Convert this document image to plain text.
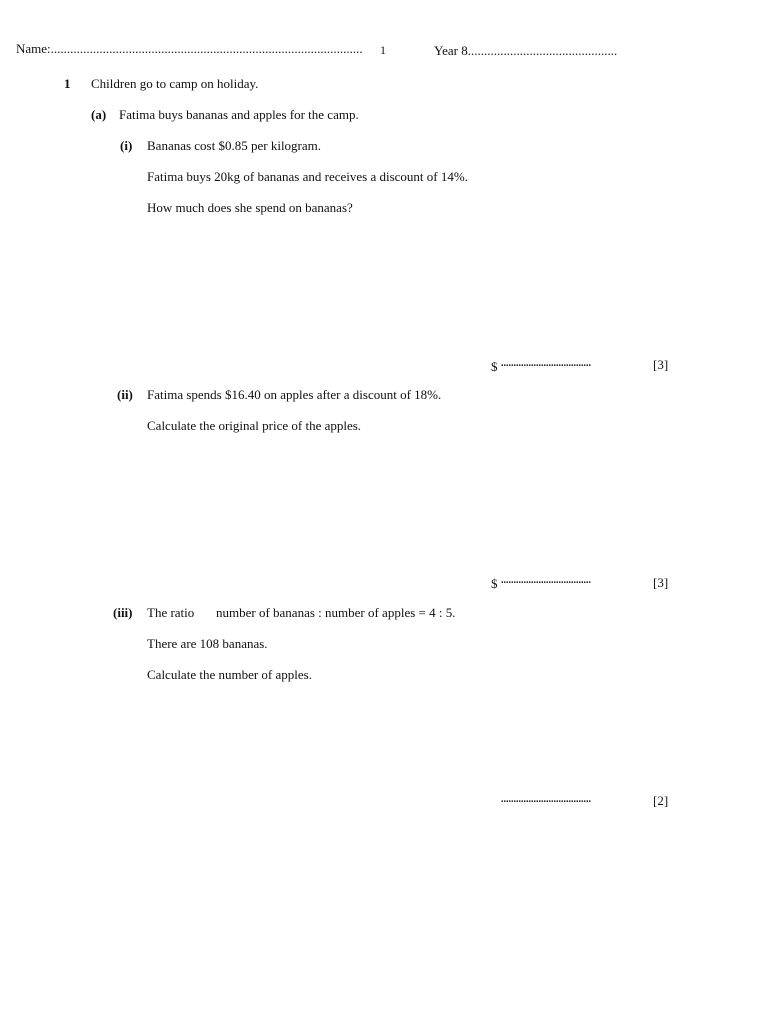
Name:................................................................................................ 1	Year 8..............................................
1 Children go to camp on holiday.
(a) Fatima buys bananas and apples for the camp.
(i) Bananas cost $0.85 per kilogram.
Fatima buys 20kg of bananas and receives a discount of 14%.
How much does she spend on bananas?
$ ....................................	[3]
(ii) Fatima spends $16.40 on apples after a discount of 18%.
Calculate the original price of the apples.
$ ....................................	[3]
(iii) The ratio number of bananas : number of apples = 4 : 5.
There are 108 bananas.
Calculate the number of apples.
....................................	[2]
